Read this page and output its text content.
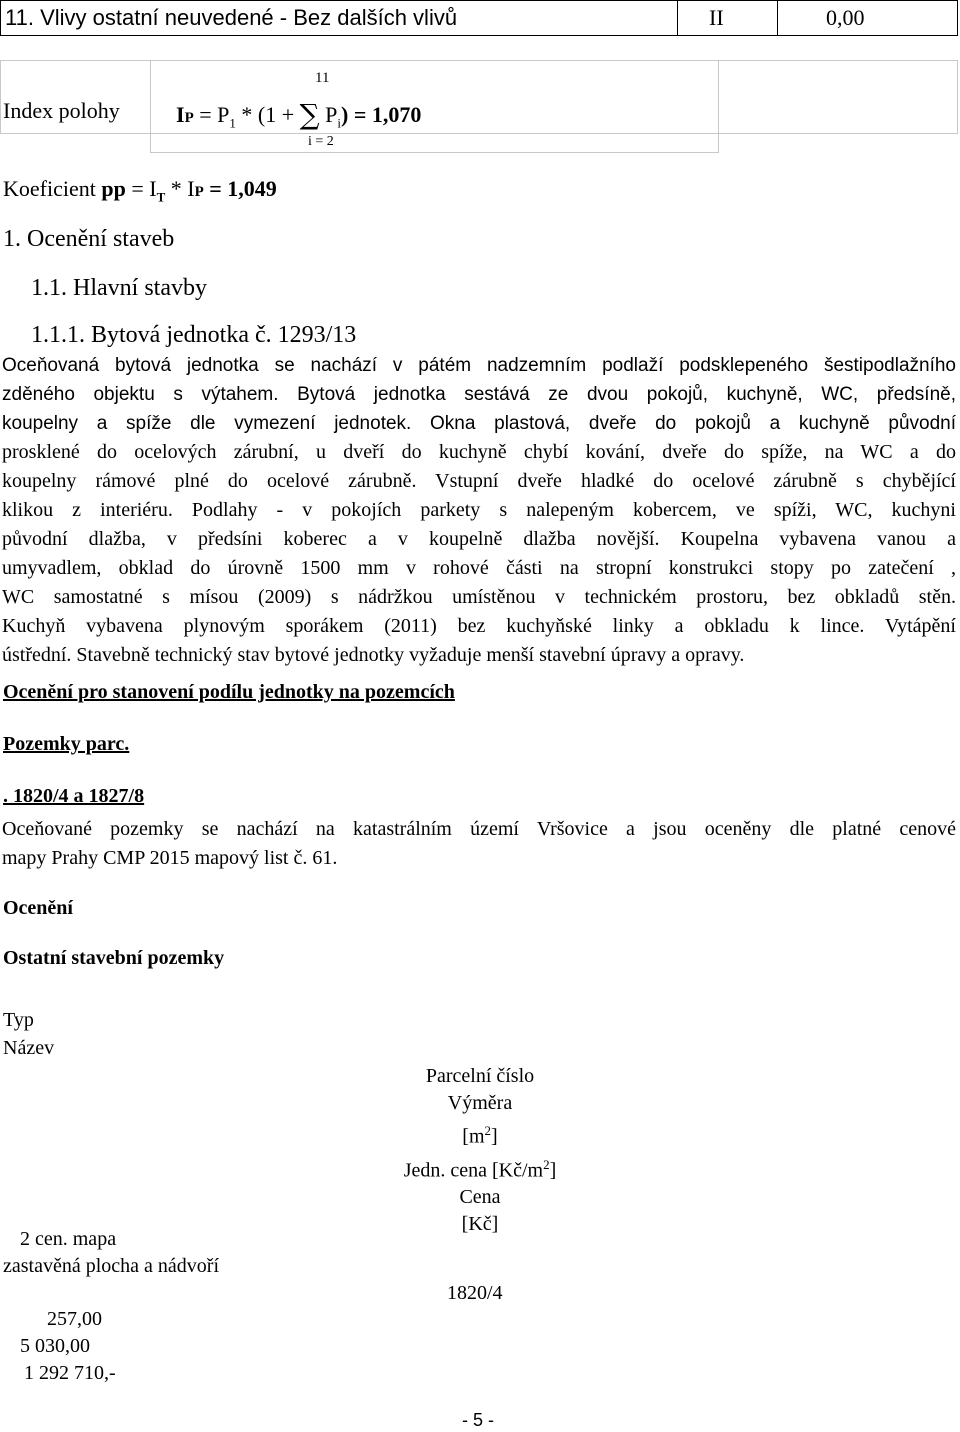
11. Vlivy ostatní neuvedené - Bez dalších vlivů	II	0,00
11
Index polohy	IP = $P_1 * (1$ + ∑ $P_i) = 1,070$
i = 2
Koeficient pp = $I_T$ * IP = 1,049
1. Ocenění staveb
1.1. Hlavní stavby
1.1.1. Bytová jednotka č. 1293/13
Oceňovaná bytová jednotka se nachází v pátém nadzemním podlaží podsklepeného šestipodlažního
zděného objektu s výtahem. Bytová jednotka sestává ze dvou pokojů, kuchyně, WC, předsíně,
koupelny a spíže dle vymezení jednotek. Okna plastová, dveře do pokojů a kuchyně původní
prosklené do ocelových zárubní, u dveří do kuchyně chybí kování, dveře do spíže, na WC a do
koupelny rámové plné do ocelové zárubně. Vstupní dveře hladké do ocelové zárubně s chybějící
klikou z interiéru. Podlahy - v pokojích parkety s nalepeným kobercem, ve spíži, WC, kuchyni
původní dlažba, v předsíni koberec a v koupelně dlažba novější. Koupelna vybavena vanou a
umyvadlem, obklad do úrovně 1500 mm v rohové části na stropní konstrukci stopy po zatečení ,
WC samostatné s mísou (2009) s nádržkou umístěnou v technickém prostoru, bez obkladů stěn.
Kuchyň vybavena plynovým sporákem (2011) bez kuchyňské linky a obkladu k lince. Vytápění
ústřední. Stavebně technický stav bytové jednotky vyžaduje menší stavební úpravy a opravy.
Ocenění pro stanovení podílu jednotky na pozemcích
Pozemky parc.
. 1820/4 a 1827/8
Oceňované pozemky se nachází na katastrálním území Vršovice a jsou oceněny dle platné cenové
mapy Prahy CMP 2015 mapový list č. 61.
Ocenění
Ostatní stavební pozemky
Typ
Název
Parcelní číslo
Výměra
$[m^2]$
Jedn. cena $[Kč/m^2]$
Cena
[Kč]
2 cen. mapa
zastavěná plocha a nádvoří
1820/4
257,00
5 030,00
1 292 710,-
- 5 -
